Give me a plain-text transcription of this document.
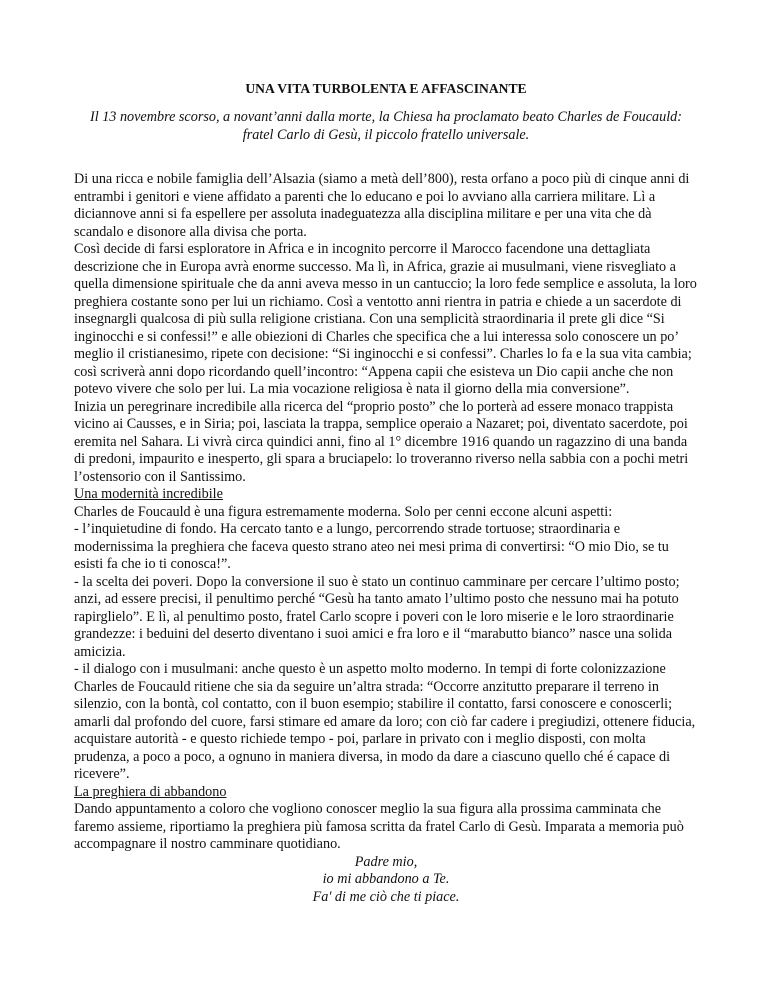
UNA VITA TURBOLENTA E AFFASCINANTE

Il 13 novembre scorso, a novant’anni dalla morte, la Chiesa ha proclamato beato Charles de Foucauld: fratel Carlo di Gesù, il piccolo fratello universale.

Di una ricca e nobile famiglia dell’Alsazia (siamo a metà dell’800), resta orfano a poco più di cinque anni di entrambi i genitori e viene affidato a parenti che lo educano e poi lo avviano alla carriera militare. Lì a diciannove anni si fa espellere per assoluta inadeguatezza alla disciplina militare e per una vita che dà scandalo e disonore alla divisa che porta.

Così decide di farsi esploratore in Africa e in incognito percorre il Marocco facendone una dettagliata descrizione che in Europa avrà enorme successo. Ma lì, in Africa, grazie ai musulmani, viene risvegliato a quella dimensione spirituale che da anni aveva messo in un cantuccio; la loro fede semplice e assoluta, la loro preghiera costante sono per lui un richiamo. Così a ventotto anni rientra in patria e chiede a un sacerdote di insegnargli qualcosa di più sulla religione cristiana. Con una semplicità straordinaria il prete gli dice “Si inginocchi e si confessi!” e alle obiezioni di Charles che specifica che a lui interessa solo conoscere un po’ meglio il cristianesimo, ripete con decisione: “Si inginocchi e si confessi”. Charles lo fa e la sua vita cambia; così scriverà anni dopo ricordando quell’incontro: “Appena capii che esisteva un Dio capii anche che non potevo vivere che solo per lui. La mia vocazione religiosa è nata il giorno della mia conversione”.

Inizia un peregrinare incredibile alla ricerca del “proprio posto” che lo porterà ad essere monaco trappista vicino ai Causses, e in Siria; poi, lasciata la trappa, semplice operaio a Nazaret; poi, diventato sacerdote, poi eremita nel Sahara. Li vivrà circa quindici anni, fino al 1° dicembre 1916 quando un ragazzino di una banda di predoni, impaurito e inesperto, gli spara a bruciapelo: lo troveranno riverso nella sabbia con a pochi metri l’ostensorio con il Santissimo.

Una modernità incredibile

Charles de Foucauld è una figura estremamente moderna. Solo per cenni eccone alcuni aspetti:

- l’inquietudine di fondo. Ha cercato tanto e a lungo, percorrendo strade tortuose; straordinaria e modernissima la preghiera che faceva questo strano ateo nei mesi prima di convertirsi: “O mio Dio, se tu esisti fa che io ti conosca!”.

- la scelta dei poveri. Dopo la conversione il suo è stato un continuo camminare per cercare l’ultimo posto; anzi, ad essere precisi, il penultimo perché “Gesù ha tanto amato l’ultimo posto che nessuno mai ha potuto rapirglielo”. E lì, al penultimo posto, fratel Carlo scopre i poveri con le loro miserie e le loro straordinarie grandezze: i beduini del deserto diventano i suoi amici e fra loro e il “marabutto bianco” nasce una solida amicizia.

- il dialogo con i musulmani: anche questo è un aspetto molto moderno. In tempi di forte colonizzazione Charles de Foucauld ritiene che sia da seguire un’altra strada: “Occorre anzitutto preparare il terreno in silenzio, con la bontà, col contatto, con il buon esempio; stabilire il contatto, farsi conoscere e conoscerli; amarli dal profondo del cuore, farsi stimare ed amare da loro; con ciò far cadere i pregiudizi, ottenere fiducia, acquistare autorità - e questo richiede tempo - poi, parlare in privato con i meglio disposti, con molta prudenza, a poco a poco, a ognuno in maniera diversa, in modo da dare a ciascuno quello ché é capace di ricevere”.

La preghiera di abbandono

Dando appuntamento a coloro che vogliono conoscer meglio la sua figura alla prossima camminata che faremo assieme, riportiamo la preghiera più famosa scritta da fratel Carlo di Gesù. Imparata a memoria può accompagnare il nostro camminare quotidiano.

Padre mio,

io mi abbandono a Te.

Fa' di me ciò che ti piace.
